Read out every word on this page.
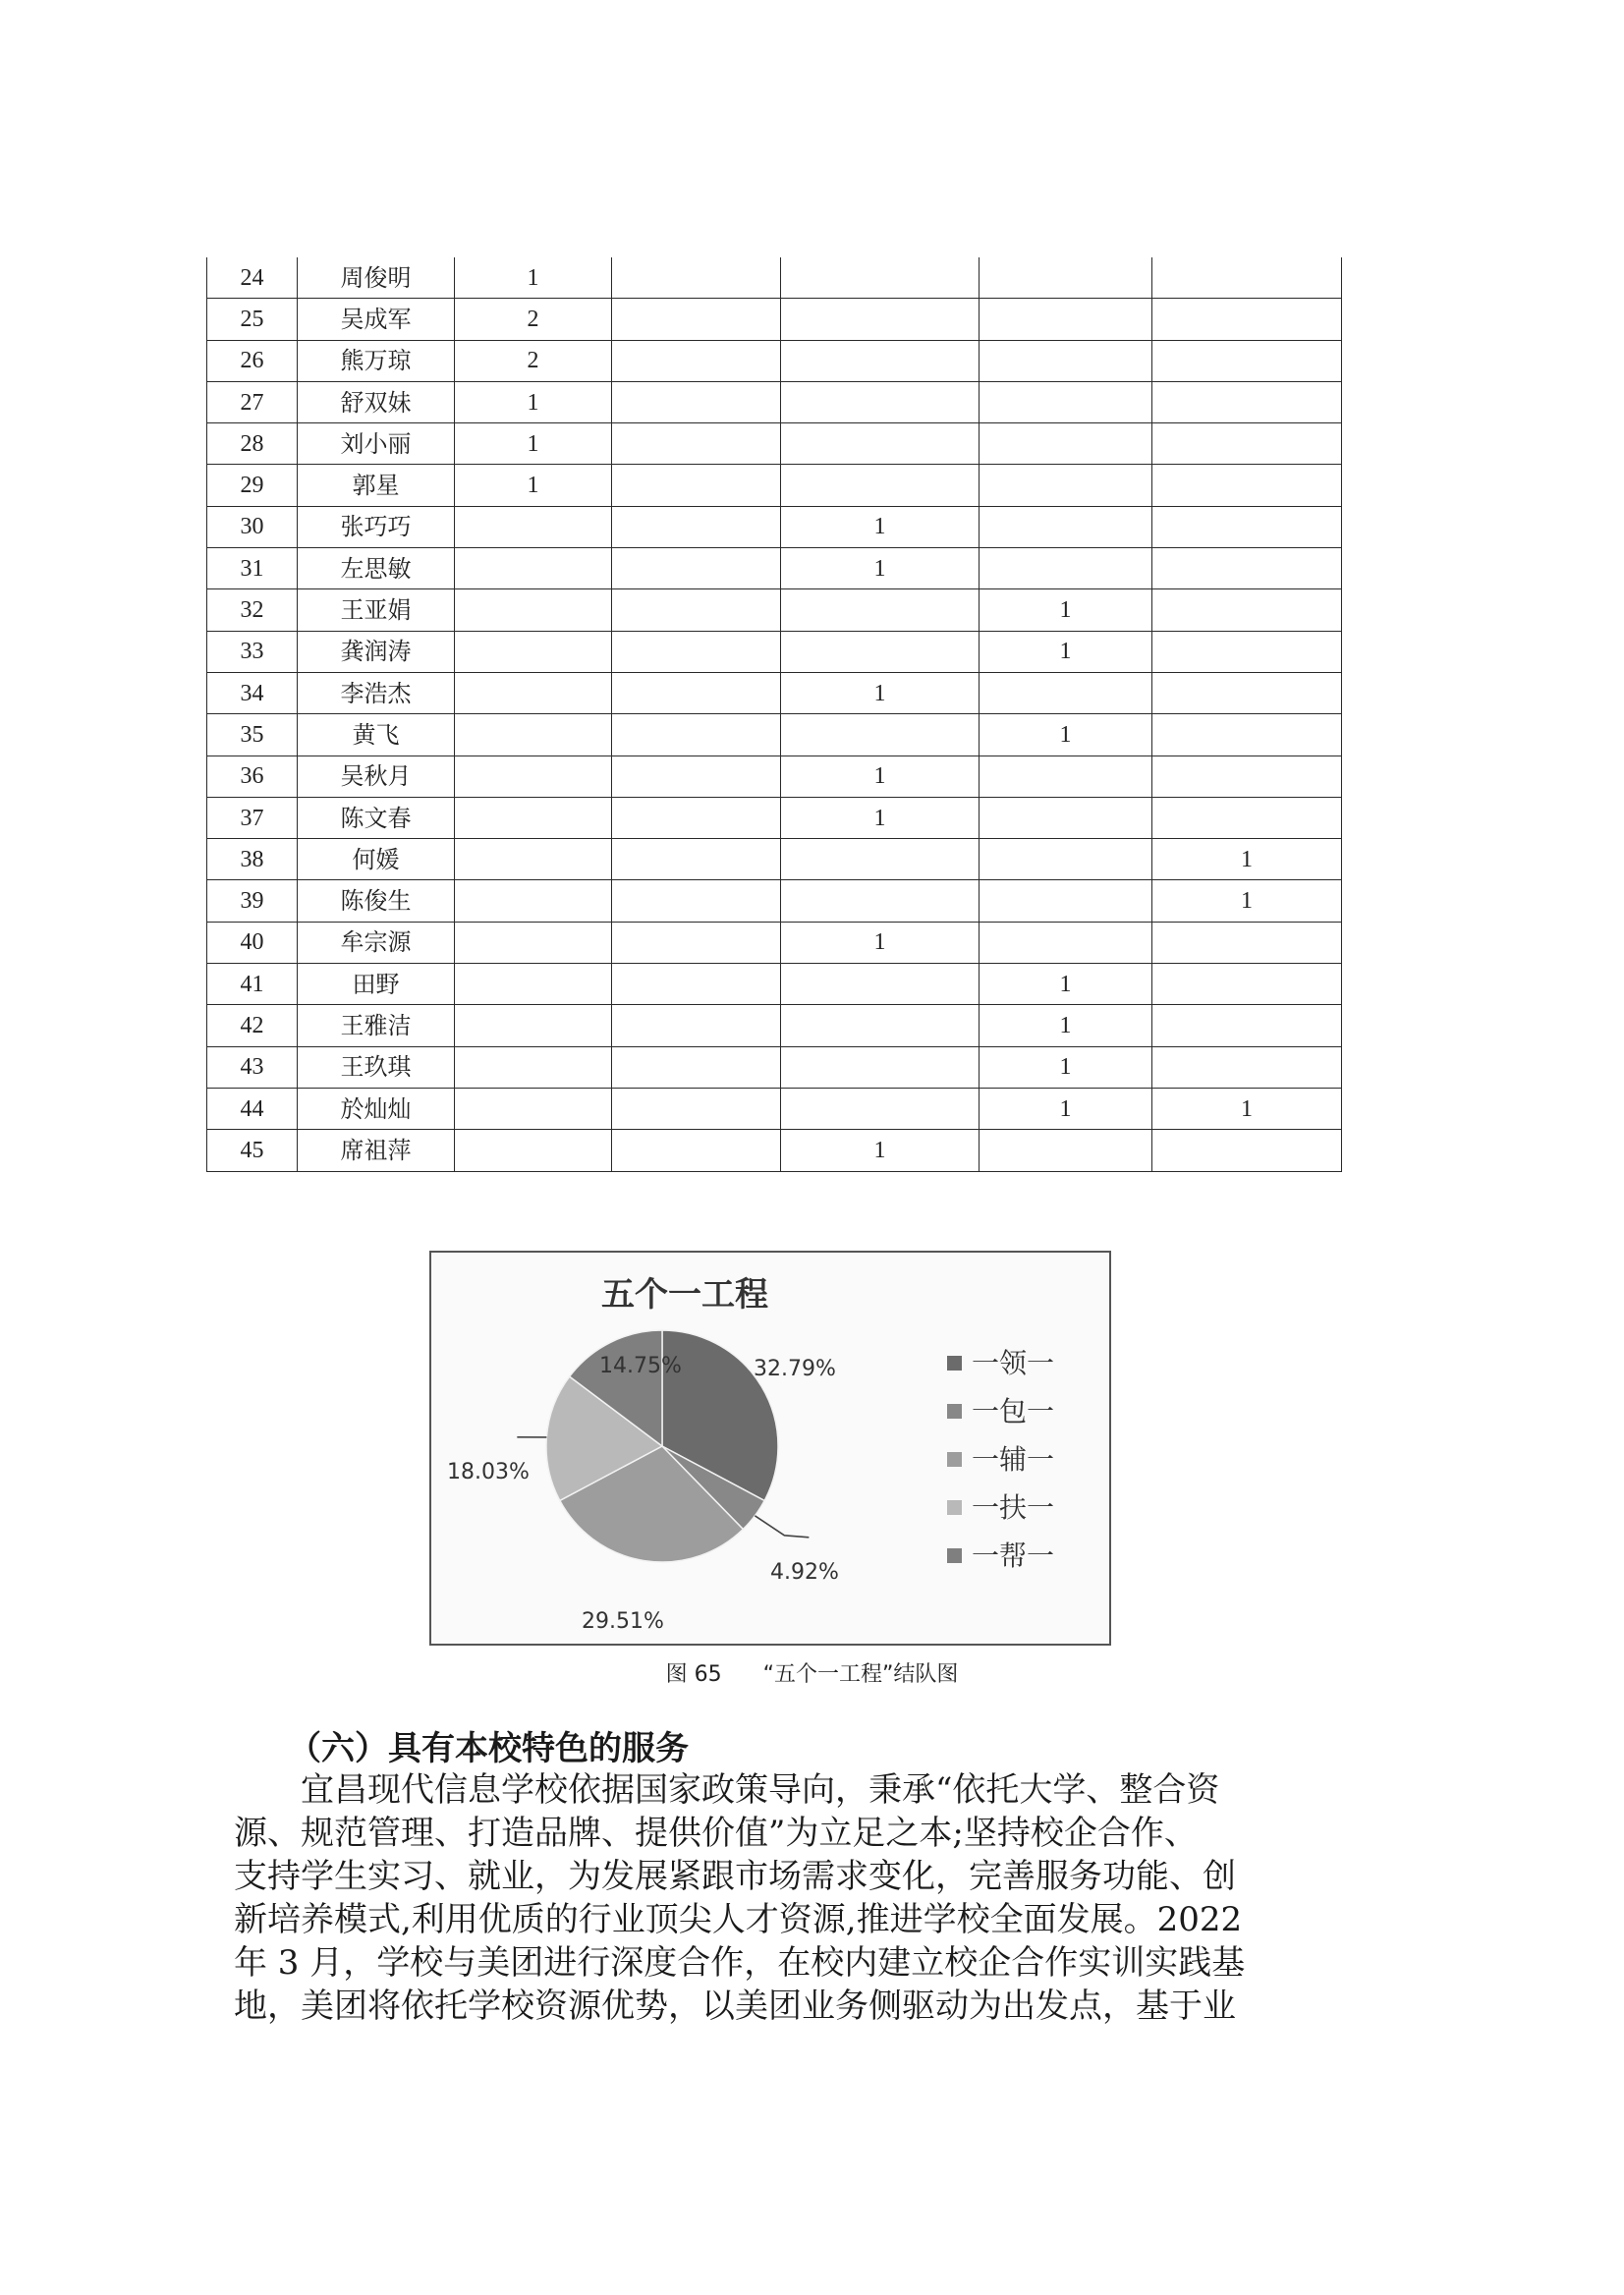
24	周俊明	1				
25	吴成军	2				
26	熊万琼	2				
27	舒双妹	1				
28	刘小丽	1				
29	郭星	1				
30	张巧巧			1		
31	左思敏			1		
32	王亚娟				1	
33	龚润涛				1	
34	李浩杰			1		
35	黄飞				1	
36	吴秋月			1		
37	陈文春			1		
38	何媛					1
39	陈俊生					1
40	牟宗源			1		
41	田野				1	
42	王雅洁				1	
43	王玖琪				1	
44	於灿灿				1	1
45	席祖萍			1		
五个一工程
32.79%
4.92%
29.51%
18.03%
14.75%	一领一
一包一
一辅一
一扶一
一帮一
图 65      “五个一工程”结队图
（六）具有本校特色的服务
宜昌现代信息学校依据国家政策导向，秉承“依托大学、整合资
源、规范管理、打造品牌、提供价值”为立足之本;坚持校企合作、
支持学生实习、就业，为发展紧跟市场需求变化，完善服务功能、创
新培养模式,利用优质的行业顶尖人才资源,推进学校全面发展。2022
年 3 月，学校与美团进行深度合作，在校内建立校企合作实训实践基
地，美团将依托学校资源优势，以美团业务侧驱动为出发点，基于业
